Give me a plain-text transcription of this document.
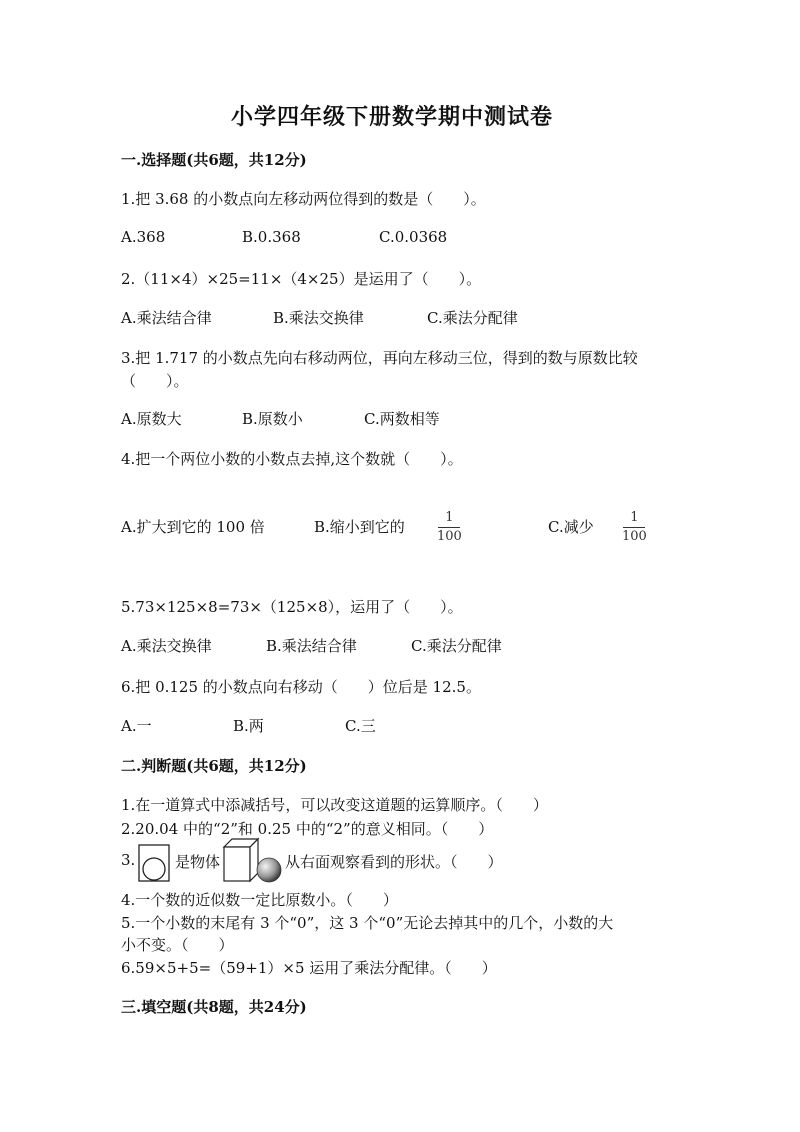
小学四年级下册数学期中测试卷
一.选择题(共6题，共12分)
1.把 3.68 的小数点向左移动两位得到的数是（　　）。
A.368	B.0.368	C.0.0368
2.（11×4）×25=11×（4×25）是运用了（　　）。
A.乘法结合律	B.乘法交换律	C.乘法分配律
3.把 1.717 的小数点先向右移动两位，再向左移动三位，得到的数与原数比较
（　　）。
A.原数大	B.原数小	C.两数相等
4.把一个两位小数的小数点去掉,这个数就（　　）。
A.扩大到它的 100 倍	B.缩小到它的
1
100
C.减少
1
100
5.73×125×8=73×（125×8），运用了（　　）。
A.乘法交换律	B.乘法结合律	C.乘法分配律
6.把 0.125 的小数点向右移动（　　）位后是 12.5。
A.一	B.两	C.三
二.判断题(共6题，共12分)
1.在一道算式中添减括号，可以改变这道题的运算顺序。（　　）
2.20.04 中的“2”和 0.25 中的“2”的意义相同。（　　）
3.	是物体	从右面观察看到的形状。（　　）
4.一个数的近似数一定比原数小。（　　）
5.一个小数的末尾有 3 个“0”，这 3 个“0”无论去掉其中的几个，小数的大
小不变。（　　）
6.59×5+5=（59+1）×5 运用了乘法分配律。（　　）
三.填空题(共8题，共24分)
